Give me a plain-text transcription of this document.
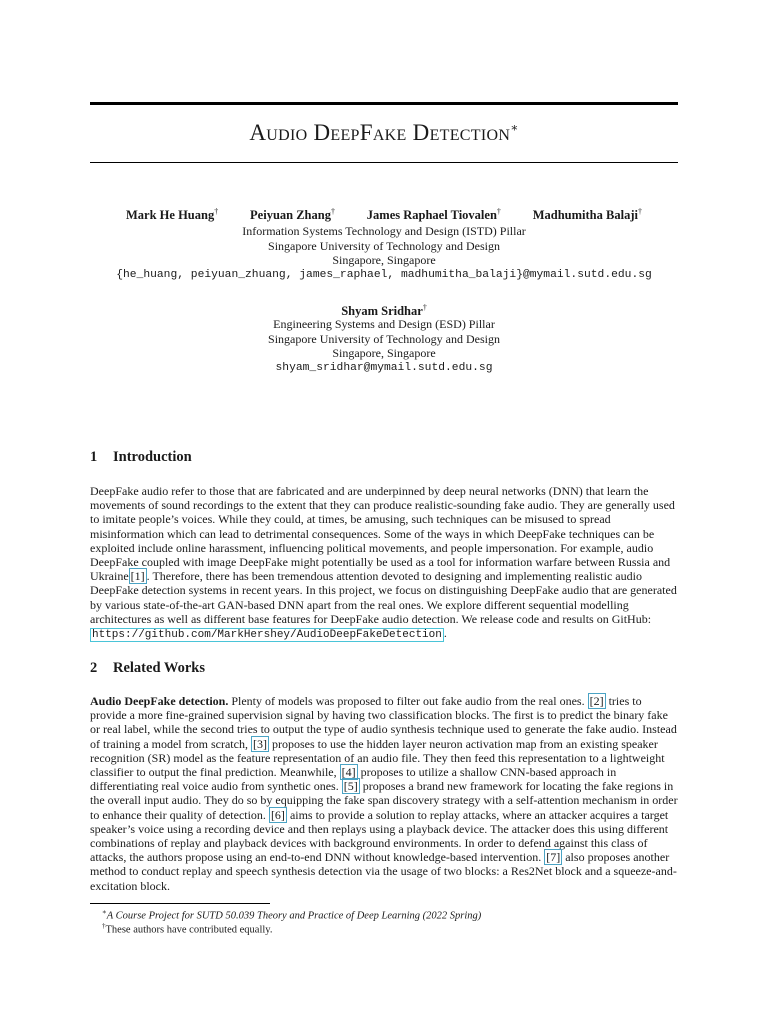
Audio DeepFake Detection∗
Mark He Huang†	Peiyuan Zhang†	James Raphael Tiovalen†	Madhumitha Balaji†
Information Systems Technology and Design (ISTD) Pillar
Singapore University of Technology and Design
Singapore, Singapore
{he_huang, peiyuan_zhuang, james_raphael, madhumitha_balaji}@mymail.sutd.edu.sg
Shyam Sridhar†
Engineering Systems and Design (ESD) Pillar
Singapore University of Technology and Design
Singapore, Singapore
shyam_sridhar@mymail.sutd.edu.sg
1 Introduction

DeepFake audio refer to those that are fabricated and are underpinned by deep neural networks (DNN) that learn the movements of sound recordings to the extent that they can produce realistic-sounding fake audio. They are generally used to imitate people’s voices. While they could, at times, be amusing, such techniques can be misused to spread misinformation which can lead to detrimental consequences. Some of the ways in which DeepFake techniques can be exploited include online harassment, influencing political movements, and people impersonation. For example, audio DeepFake coupled with image DeepFake might potentially be used as a tool for information warfare between Russia and Ukraine [1] . Therefore, there has been tremendous attention devoted to designing and implementing realistic audio DeepFake detection systems in recent years. In this project, we focus on distinguishing DeepFake audio that are generated by various state-of-the-art GAN-based DNN apart from the real ones. We explore different sequential modelling architectures as well as different base features for DeepFake audio detection. We release code and results on GitHub: https://github.com/MarkHershey/AudioDeepFakeDetection .

2 Related Works

Audio DeepFake detection. Plenty of models was proposed to filter out fake audio from the real ones. [2] tries to provide a more fine-grained supervision signal by having two classification blocks. The first is to predict the binary fake or real label, while the second tries to output the type of audio synthesis technique used to generate the fake audio. Instead of training a model from scratch, [3] proposes to use the hidden layer neuron activation map from an existing speaker recognition (SR) model as the feature representation of an audio file. They then feed this representation to a lightweight classifier to output the final prediction. Meanwhile, [4] proposes to utilize a shallow CNN-based approach in differentiating real voice audio from synthetic ones. [5] proposes a brand new framework for locating the fake regions in the overall input audio. They do so by equipping the fake span discovery strategy with a self-attention mechanism in order to enhance their quality of detection. [6] aims to provide a solution to replay attacks, where an attacker acquires a target speaker’s voice using a recording device and then replays using a playback device. The attacker does this using different combinations of replay and playback devices with background environments. In order to defend against this class of attacks, the authors propose using an end-to-end DNN without knowledge-based intervention. [7] also proposes another method to conduct replay and speech synthesis detection via the usage of two blocks: a Res2Net block and a squeeze-and-excitation block.

∗A Course Project for SUTD 50.039 Theory and Practice of Deep Learning (2022 Spring)
†These authors have contributed equally.
